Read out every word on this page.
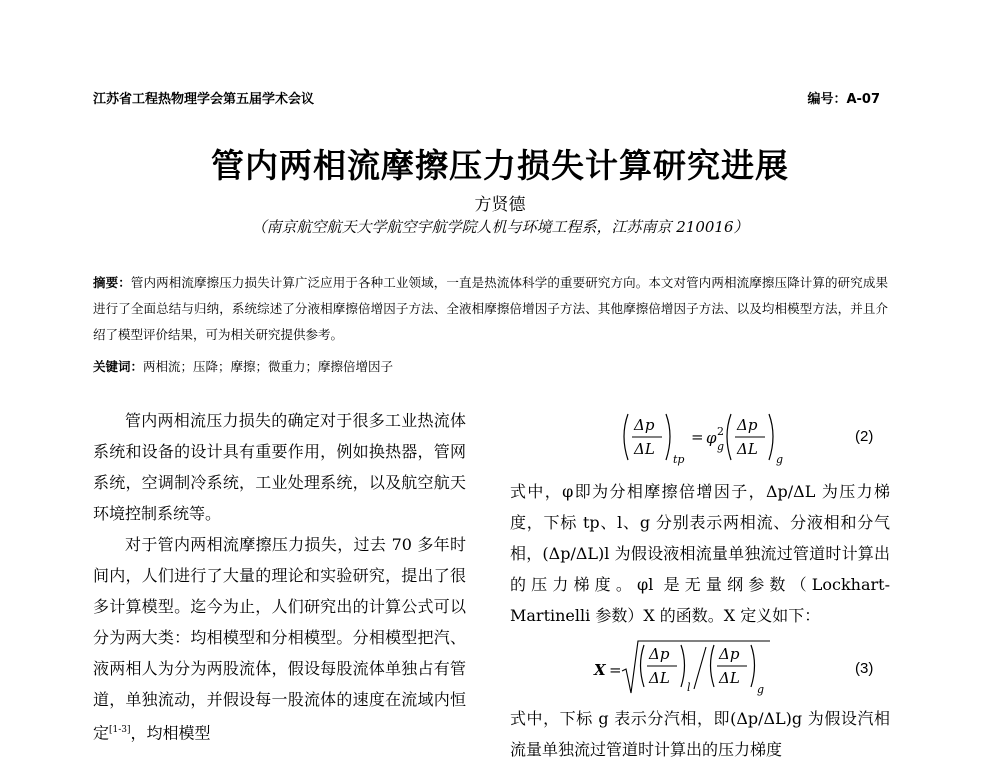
江苏省工程热物理学会第五届学术会议	编号：A-07
管内两相流摩擦压力损失计算研究进展
方贤德
（南京航空航天大学航空宇航学院人机与环境工程系，江苏南京 210016）
摘要：管内两相流摩擦压力损失计算广泛应用于各种工业领域，一直是热流体科学的重要研究方向。本文对管内两相流摩擦压降计算的研究成果进行了全面总结与归纳，系统综述了分液相摩擦倍增因子方法、全液相摩擦倍增因子方法、其他摩擦倍增因子方法、以及均相模型方法，并且介绍了模型评价结果，可为相关研究提供参考。
关键词：两相流；压降；摩擦；微重力；摩擦倍增因子

管内两相流压力损失的确定对于很多工业热流体系统和设备的设计具有重要作用，例如换热器，管网系统，空调制冷系统，工业处理系统，以及航空航天环境控制系统等。

对于管内两相流摩擦压力损失，过去 70 多年时间内，人们进行了大量的理论和实验研究，提出了很多计算模型。迄今为止，人们研究出的计算公式可以分为两大类：均相模型和分相模型。分相模型把汽、液两相人为分为两股流体，假设每股流体单独占有管道，单独流动，并假设每一股流体的速度在流域内恒定[1-3]，均相模型

Δp
ΔL
tp
= φ 2
g
Δp
ΔL
g
(2)

式中，φ即为分相摩擦倍增因子，Δp/ΔL 为压力梯度，下标 tp、l、g 分别表示两相流、分液相和分气相，(Δp/ΔL)l 为假设液相流量单独流过管道时计算出的压力梯度。φl 是无量纲参数（Lockhart-Martinelli 参数）X 的函数。X 定义如下：

X =
Δp
ΔL
l
Δp
ΔL
g
(3)

式中，下标 g 表示分汽相，即(Δp/ΔL)g 为假设汽相流量单独流过管道时计算出的压力梯度
